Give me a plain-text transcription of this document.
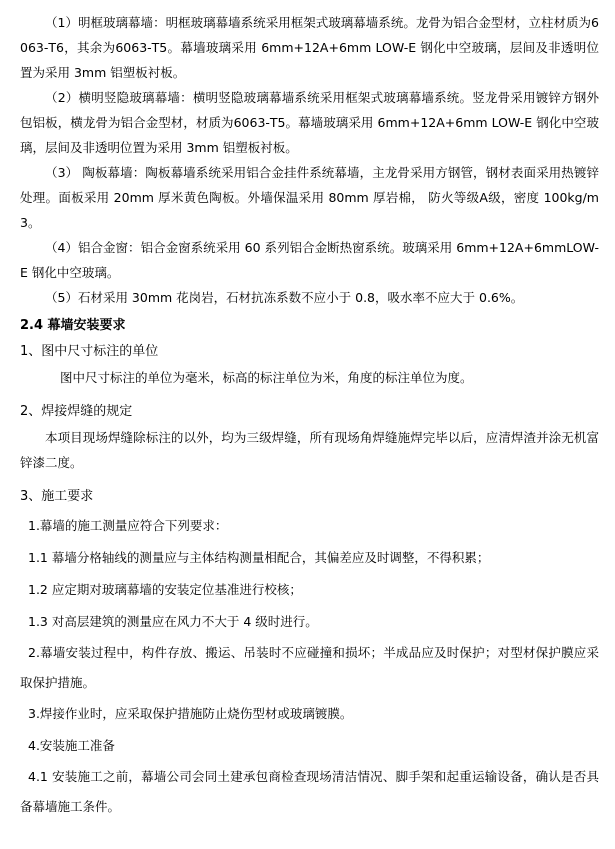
（1）明框玻璃幕墙：明框玻璃幕墙系统采用框架式玻璃幕墙系统。龙骨为铝合金型材，立柱材质为6063-T6，其余为6063-T5。幕墙玻璃采用 6mm+12A+6mm LOW-E 钢化中空玻璃，层间及非透明位置为采用 3mm 铝塑板衬板。

（2）横明竖隐玻璃幕墙：横明竖隐玻璃幕墙系统采用框架式玻璃幕墙系统。竖龙骨采用镀锌方钢外包铝板，横龙骨为铝合金型材，材质为6063-T5。幕墙玻璃采用 6mm+12A+6mm LOW-E 钢化中空玻璃，层间及非透明位置为采用 3mm 铝塑板衬板。

（3） 陶板幕墙：陶板幕墙系统采用铝合金挂件系统幕墙，主龙骨采用方钢管，钢材表面采用热镀锌处理。面板采用 20mm 厚米黄色陶板。外墙保温采用 80mm 厚岩棉， 防火等级A级，密度 100kg/m3。

（4）铝合金窗：铝合金窗系统采用 60 系列铝合金断热窗系统。玻璃采用 6mm+12A+6mmLOW-E 钢化中空玻璃。

（5）石材采用 30mm 花岗岩，石材抗冻系数不应小于 0.8，吸水率不应大于 0.6%。

2.4 幕墙安装要求

1、图中尺寸标注的单位

图中尺寸标注的单位为毫米，标高的标注单位为米，角度的标注单位为度。

2、焊接焊缝的规定

本项目现场焊缝除标注的以外，均为三级焊缝，所有现场角焊缝施焊完毕以后，应清焊渣并涂无机富锌漆二度。

3、施工要求

1.幕墙的施工测量应符合下列要求：

1.1 幕墙分格轴线的测量应与主体结构测量相配合，其偏差应及时调整，不得积累；

1.2 应定期对玻璃幕墙的安装定位基准进行校核；

1.3 对高层建筑的测量应在风力不大于 4 级时进行。

2.幕墙安装过程中，构件存放、搬运、吊装时不应碰撞和损坏；半成品应及时保护；对型材保护膜应采取保护措施。

3.焊接作业时，应采取保护措施防止烧伤型材或玻璃镀膜。

4.安装施工准备

4.1 安装施工之前，幕墙公司会同土建承包商检查现场清洁情况、脚手架和起重运输设备，确认是否具备幕墙施工条件。
